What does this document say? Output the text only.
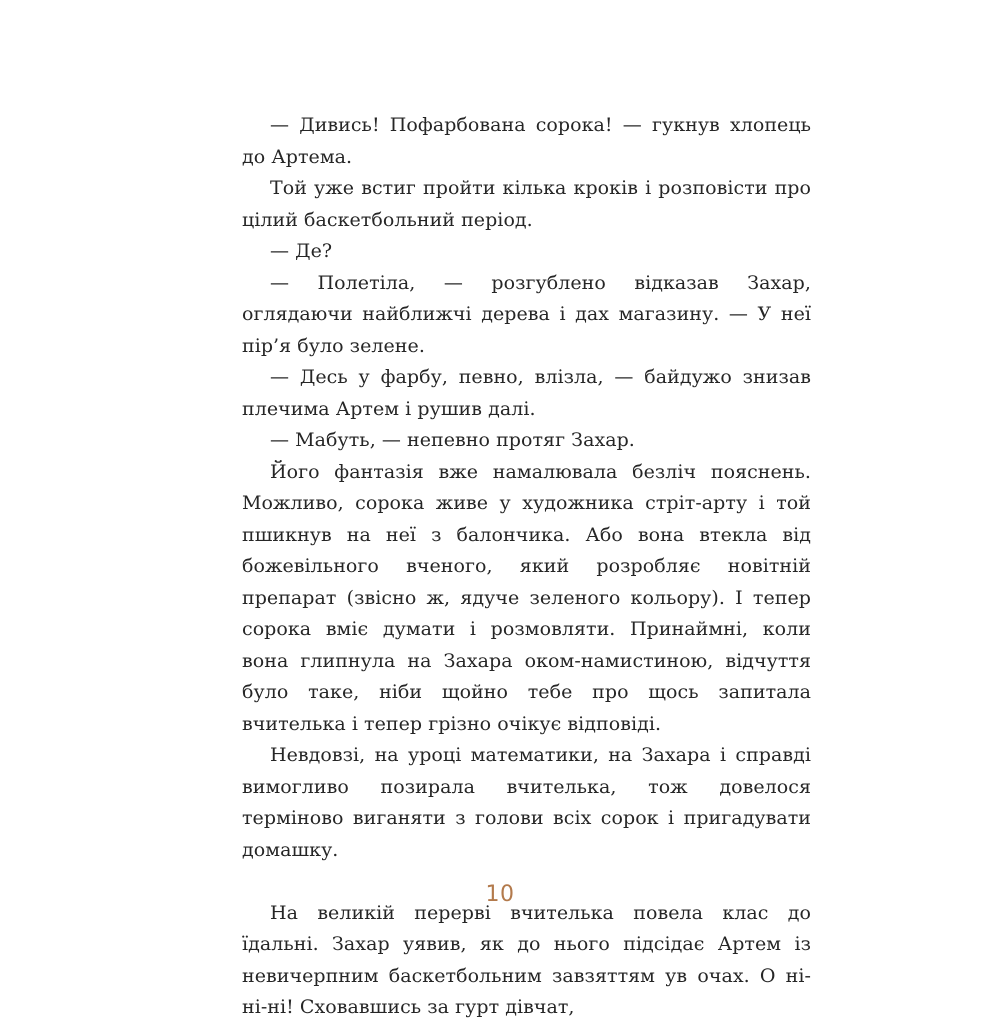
— Дивись! Пофарбована сорока! — гукнув хлопець до Артема.

Той уже встиг пройти кілька кроків і розповісти про цілий баскетбольний період.

— Де?

— Полетіла, — розгублено відказав Захар, оглядаючи найближчі дерева і дах магазину. — У неї пір’я було зелене.

— Десь у фарбу, певно, влізла, — байдужо знизав плечима Артем і рушив далі.

— Мабуть, — непевно протяг Захар.

Його фантазія вже намалювала безліч пояснень. Можливо, сорока живе у художника стріт-арту і той пшикнув на неї з балончика. Або вона втекла від божевільного вченого, який розробляє новітній препарат (звісно ж, ядуче зеленого кольору). І тепер сорока вміє думати і розмовляти. Принаймні, коли вона глипнула на Захара оком-намистиною, відчуття було таке, ніби щойно тебе про щось запитала вчителька і тепер грізно очікує відповіді.

Невдовзі, на уроці математики, на Захара і справді вимогливо позирала вчителька, тож довелося терміново виганяти з голови всіх сорок і пригадувати домашку.

На великій перерві вчителька повела клас до їдальні. Захар уявив, як до нього підсідає Артем із невичерпним баскетбольним завзяттям ув очах. О ні-ні-ні! Сховавшись за гурт дівчат,

10
